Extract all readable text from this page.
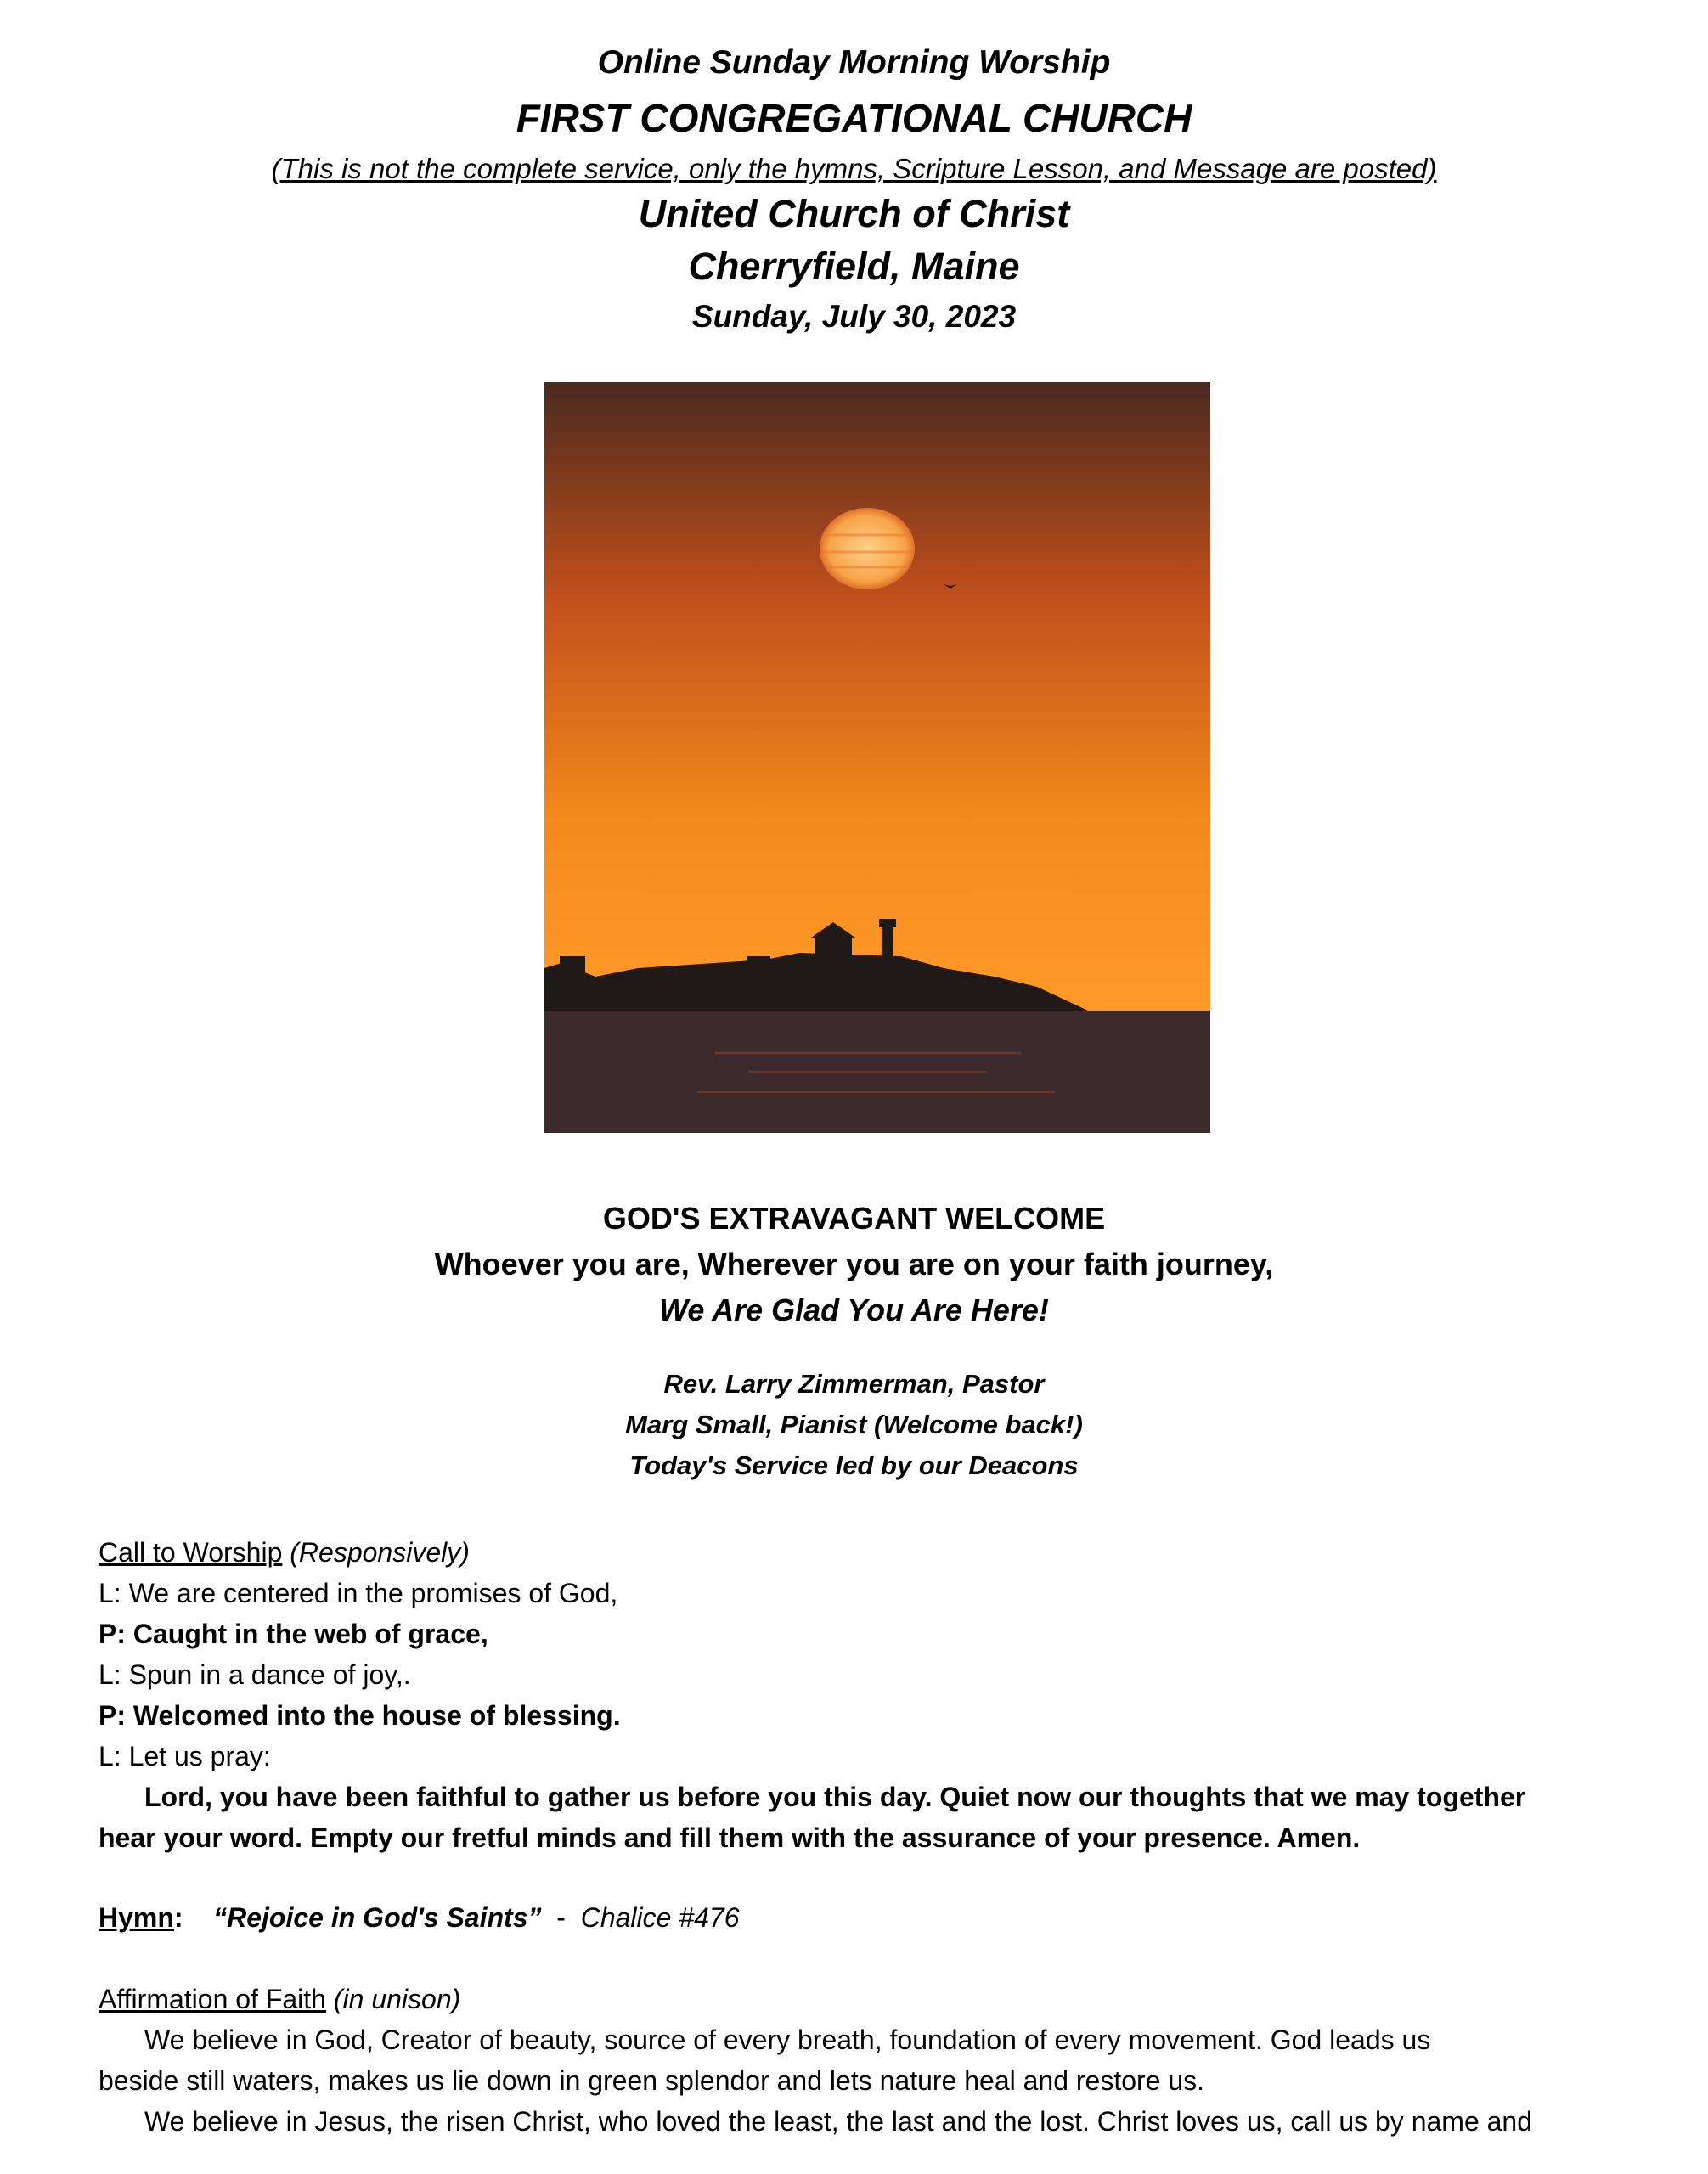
Online Sunday Morning Worship
FIRST CONGREGATIONAL CHURCH
(This is not the complete service, only the hymns, Scripture Lesson, and Message are posted)
United Church of Christ
Cherryfield, Maine
Sunday, July 30, 2023
GOD'S EXTRAVAGANT WELCOME
Whoever you are, Wherever you are on your faith journey,
We Are Glad You Are Here!
Rev. Larry Zimmerman, Pastor
Marg Small, Pianist (Welcome back!)
Today's Service led by our Deacons
Call to Worship (Responsively)
L: We are centered in the promises of God,
P: Caught in the web of grace,
L: Spun in a dance of joy,.
P: Welcomed into the house of blessing.
L: Let us pray:
Lord, you have been faithful to gather us before you this day. Quiet now our thoughts that we may together
hear your word. Empty our fretful minds and fill them with the assurance of your presence. Amen.
Hymn: “Rejoice in God's Saints” - Chalice #476
Affirmation of Faith (in unison)
We believe in God, Creator of beauty, source of every breath, foundation of every movement. God leads us
beside still waters, makes us lie down in green splendor and lets nature heal and restore us.
We believe in Jesus, the risen Christ, who loved the least, the last and the lost. Christ loves us, call us by name and
